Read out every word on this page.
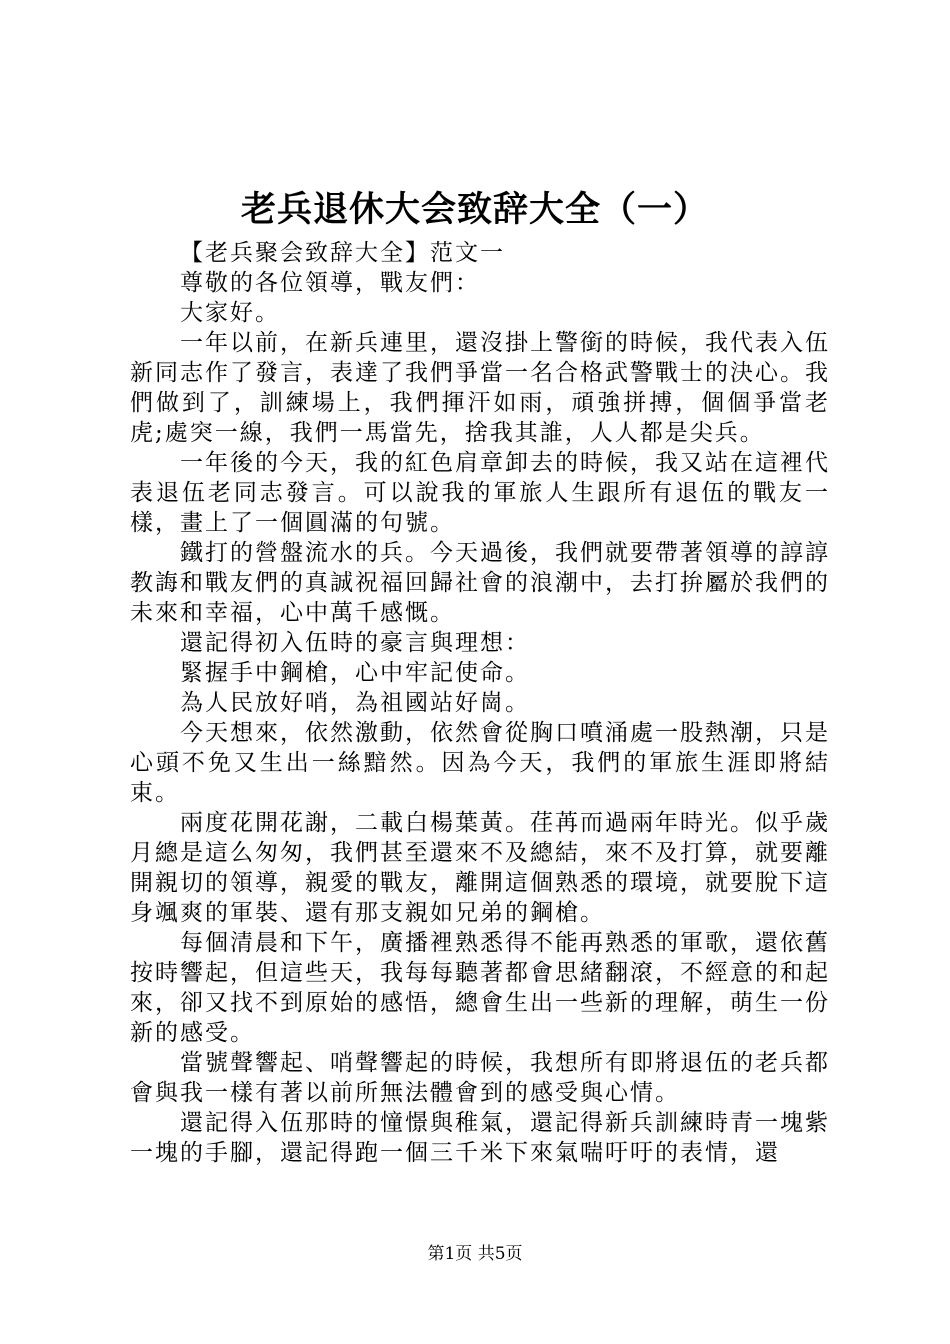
老兵退休大会致辞大全（一）

【老兵聚会致辞大全】范文一

尊敬的各位領導，戰友們：

大家好。

一年以前，在新兵連里，還沒掛上警銜的時候，我代表入伍新同志作了發言，表達了我們爭當一名合格武警戰士的決心。我們做到了，訓練場上，我們揮汗如雨，頑強拼搏，個個爭當老虎;處突一線，我們一馬當先，捨我其誰，人人都是尖兵。

一年後的今天，我的紅色肩章卸去的時候，我又站在這裡代表退伍老同志發言。可以說我的軍旅人生跟所有退伍的戰友一樣，畫上了一個圓滿的句號。

鐵打的營盤流水的兵。今天過後，我們就要帶著領導的諄諄教誨和戰友們的真誠祝福回歸社會的浪潮中，去打拚屬於我們的未來和幸福，心中萬千感慨。

還記得初入伍時的豪言與理想：

緊握手中鋼槍，心中牢記使命。

為人民放好哨，為祖國站好崗。

今天想來，依然激動，依然會從胸口噴涌處一股熱潮，只是心頭不免又生出一絲黯然。因為今天，我們的軍旅生涯即將結束。

兩度花開花謝，二載白楊葉黃。荏苒而過兩年時光。似乎歲月總是這么匆匆，我們甚至還來不及總結，來不及打算，就要離開親切的領導，親愛的戰友，離開這個熟悉的環境，就要脫下這身颯爽的軍裝、還有那支親如兄弟的鋼槍。

每個清晨和下午，廣播裡熟悉得不能再熟悉的軍歌，還依舊按時響起，但這些天，我每每聽著都會思緒翻滾，不經意的和起來，卻又找不到原始的感悟，總會生出一些新的理解，萌生一份新的感受。

當號聲響起、哨聲響起的時候，我想所有即將退伍的老兵都會與我一樣有著以前所無法體會到的感受與心情。

還記得入伍那時的憧憬與稚氣，還記得新兵訓練時青一塊紫一塊的手腳，還記得跑一個三千米下來氣喘吁吁的表情，還

第1页 共5页
